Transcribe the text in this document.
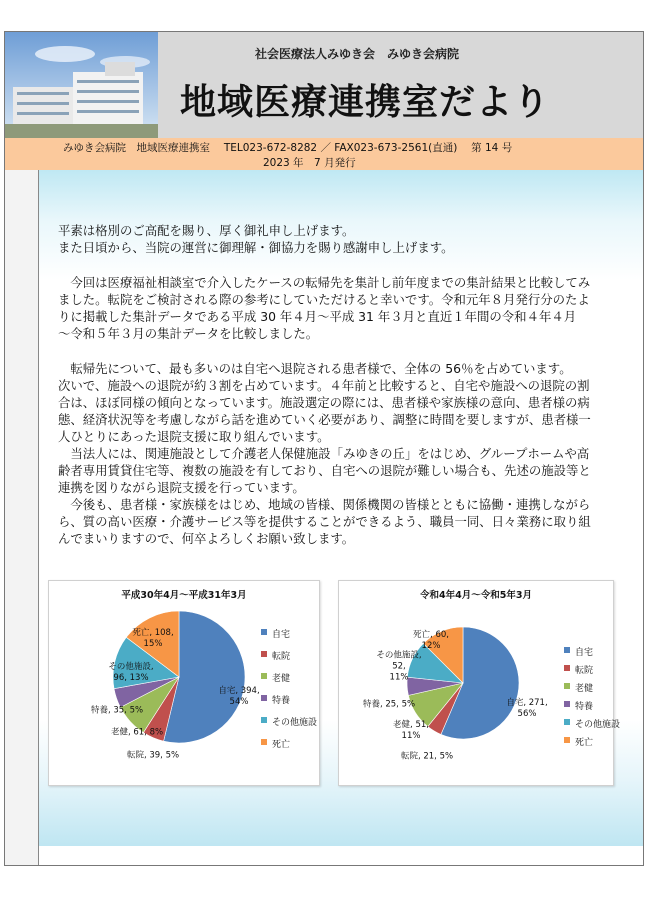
社会医療法人みゆき会　みゆき会病院
地域医療連携室だより
みゆき会病院　地域医療連携室　 TEL023-672-8282 ／ FAX023-673-2561(直通)　 第 14 号
2023 年　7 月発行

平素は格別のご高配を賜り、厚く御礼申し上げます。
また日頃から、当院の運営に御理解・御協力を賜り感謝申し上げます。

　今回は医療福祉相談室で介入したケースの転帰先を集計し前年度までの集計結果と比較してみ
ました。転院をご検討される際の参考にしていただけると幸いです。令和元年８月発行分のたよ
りに掲載した集計データである平成 30 年４月～平成 31 年３月と直近１年間の令和４年４月
～令和５年３月の集計データを比較しました。

　転帰先について、最も多いのは自宅へ退院される患者様で、全体の 56％を占めています。
次いで、施設への退院が約３割を占めています。４年前と比較すると、自宅や施設への退院の割
合は、ほぼ同様の傾向となっています。施設選定の際には、患者様や家族様の意向、患者様の病
態、経済状況等を考慮しながら話を進めていく必要があり、調整に時間を要しますが、患者様一
人ひとりにあった退院支援に取り組んでいます。
　当法人には、関連施設として介護老人保健施設「みゆきの丘」をはじめ、グループホームや高
齢者専用賃貸住宅等、複数の施設を有しており、自宅への退院が難しい場合も、先述の施設等と
連携を図りながら退院支援を行っています。
　今後も、患者様・家族様をはじめ、地域の皆様、関係機関の皆様とともに協働・連携しながら
ら、質の高い医療・介護サービス等を提供することができるよう、職員一同、日々業務に取り組
んでまいりますので、何卒よろしくお願い致します。

平成30年4月～平成31年3月
自宅, 394,
54%
転院, 39, 5%
老健, 61, 8%
特養, 35, 5%
その他施設,
96, 13%
死亡, 108,
15%
自宅
転院
老健
特養
その他施設
死亡
令和4年4月～令和5年3月
自宅, 271,
56%
転院, 21, 5%
老健, 51,
11%
特養, 25, 5%
その他施設,
52,
11%
死亡, 60,
12%
自宅
転院
老健
特養
その他施設
死亡
